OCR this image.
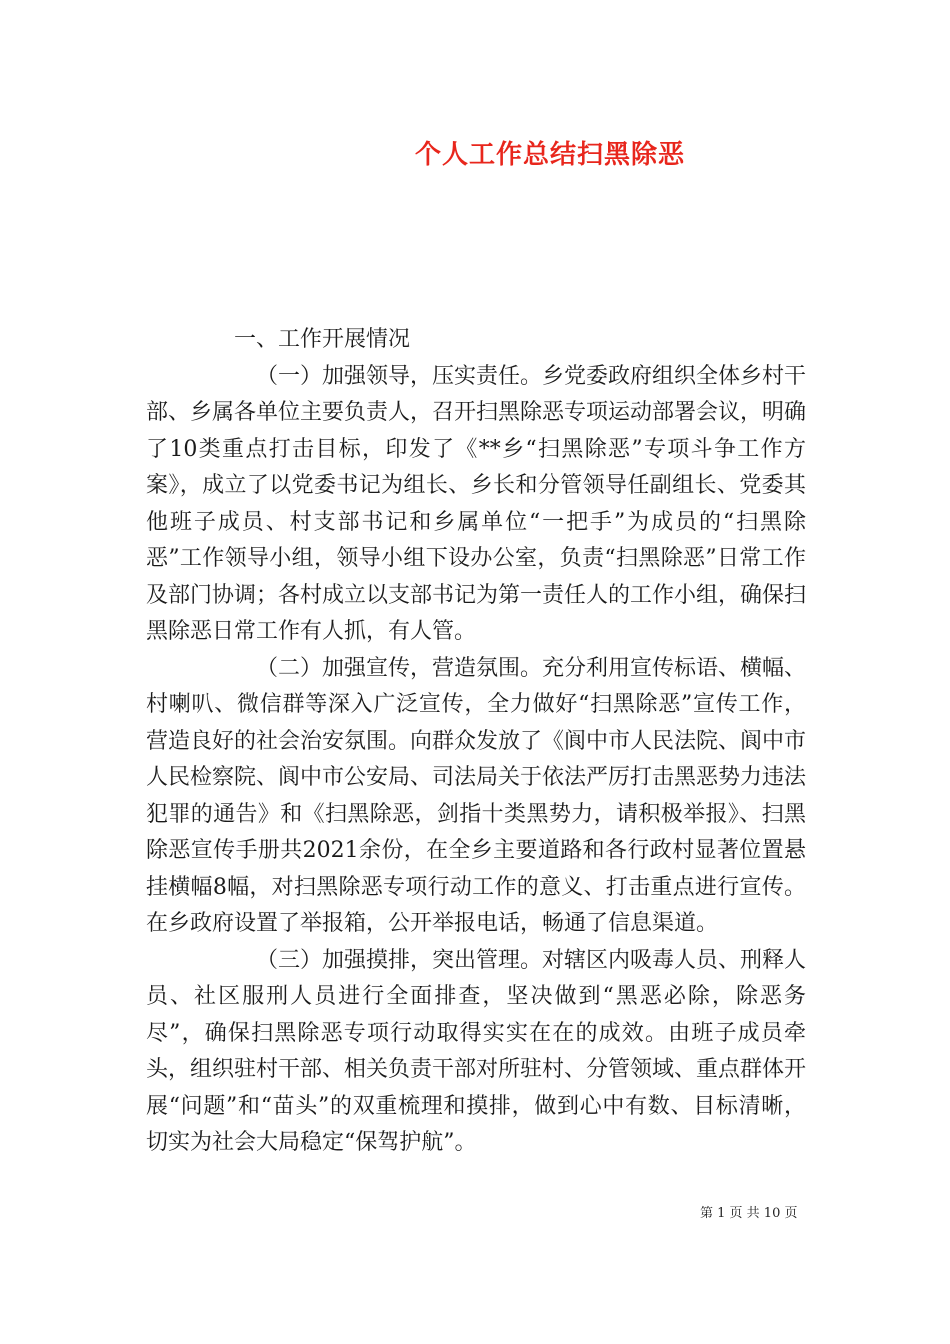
个人工作总结扫黑除恶

一、工作开展情况

（一）加强领导，压实责任。乡党委政府组织全体乡村干部、乡属各单位主要负责人，召开扫黑除恶专项运动部署会议，明确了10类重点打击目标，印发了《**乡“扫黑除恶”专项斗争工作方案》，成立了以党委书记为组长、乡长和分管领导任副组长、党委其他班子成员、村支部书记和乡属单位“一把手”为成员的“扫黑除恶”工作领导小组，领导小组下设办公室，负责“扫黑除恶”日常工作及部门协调；各村成立以支部书记为第一责任人的工作小组，确保扫黑除恶日常工作有人抓，有人管。

（二）加强宣传，营造氛围。充分利用宣传标语、横幅、村喇叭、微信群等深入广泛宣传，全力做好“扫黑除恶”宣传工作，营造良好的社会治安氛围。向群众发放了《阆中市人民法院、阆中市人民检察院、阆中市公安局、司法局关于依法严厉打击黑恶势力违法犯罪的通告》和《扫黑除恶，剑指十类黑势力，请积极举报》、扫黑除恶宣传手册共2021余份，在全乡主要道路和各行政村显著位置悬挂横幅8幅，对扫黑除恶专项行动工作的意义、打击重点进行宣传。在乡政府设置了举报箱，公开举报电话，畅通了信息渠道。

（三）加强摸排，突出管理。对辖区内吸毒人员、刑释人员、社区服刑人员进行全面排查，坚决做到“黑恶必除，除恶务尽”，确保扫黑除恶专项行动取得实实在在的成效。由班子成员牵头，组织驻村干部、相关负责干部对所驻村、分管领域、重点群体开展“问题”和“苗头”的双重梳理和摸排，做到心中有数、目标清晰，切实为社会大局稳定“保驾护航”。

第 1 页 共 10 页
